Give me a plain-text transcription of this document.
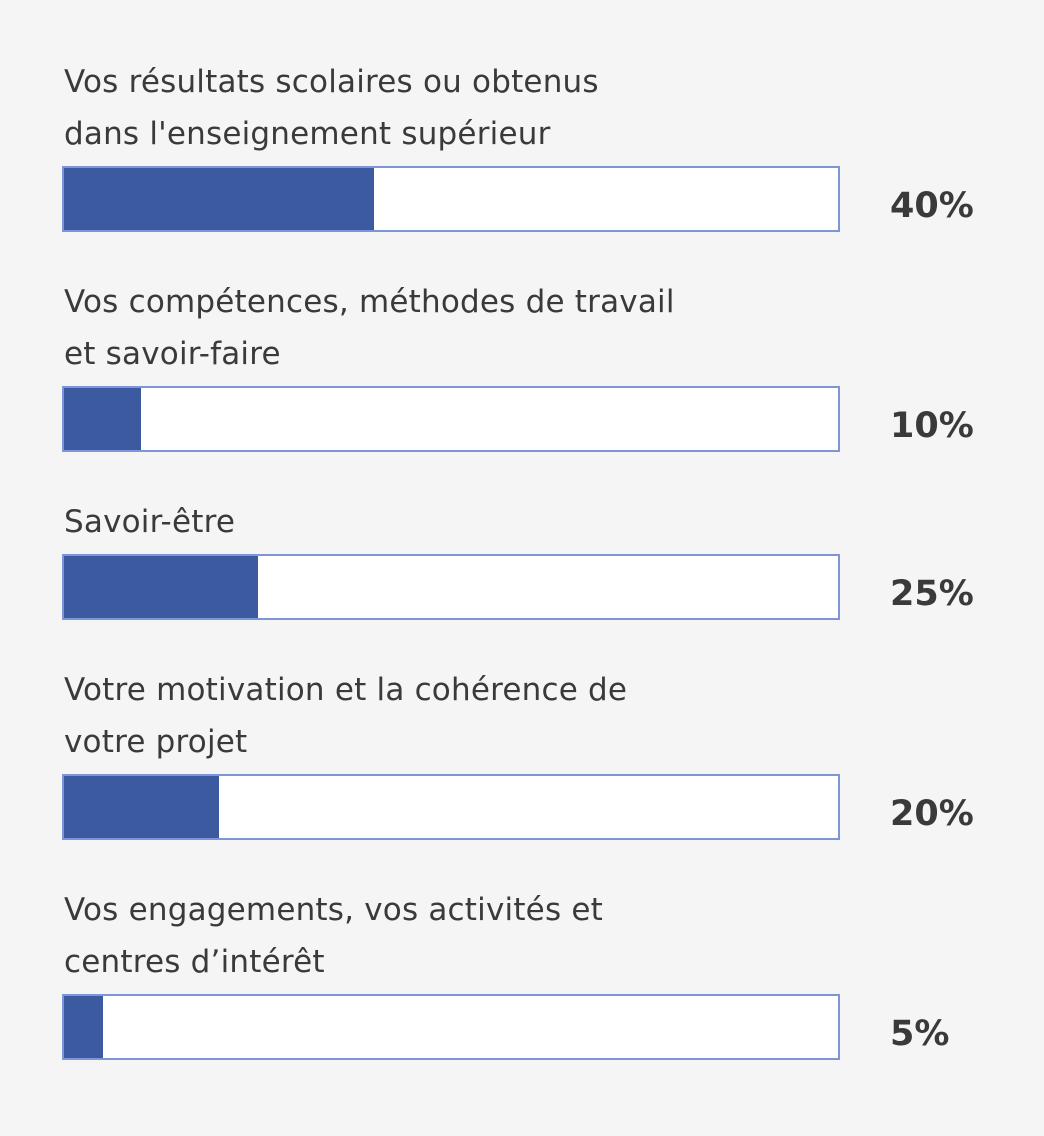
Vos résultats scolaires ou obtenus
dans l'enseignement supérieur
40%
Vos compétences, méthodes de travail
et savoir-faire
10%
Savoir-être
25%
Votre motivation et la cohérence de
votre projet
20%
Vos engagements, vos activités et
centres d’intérêt
5%
